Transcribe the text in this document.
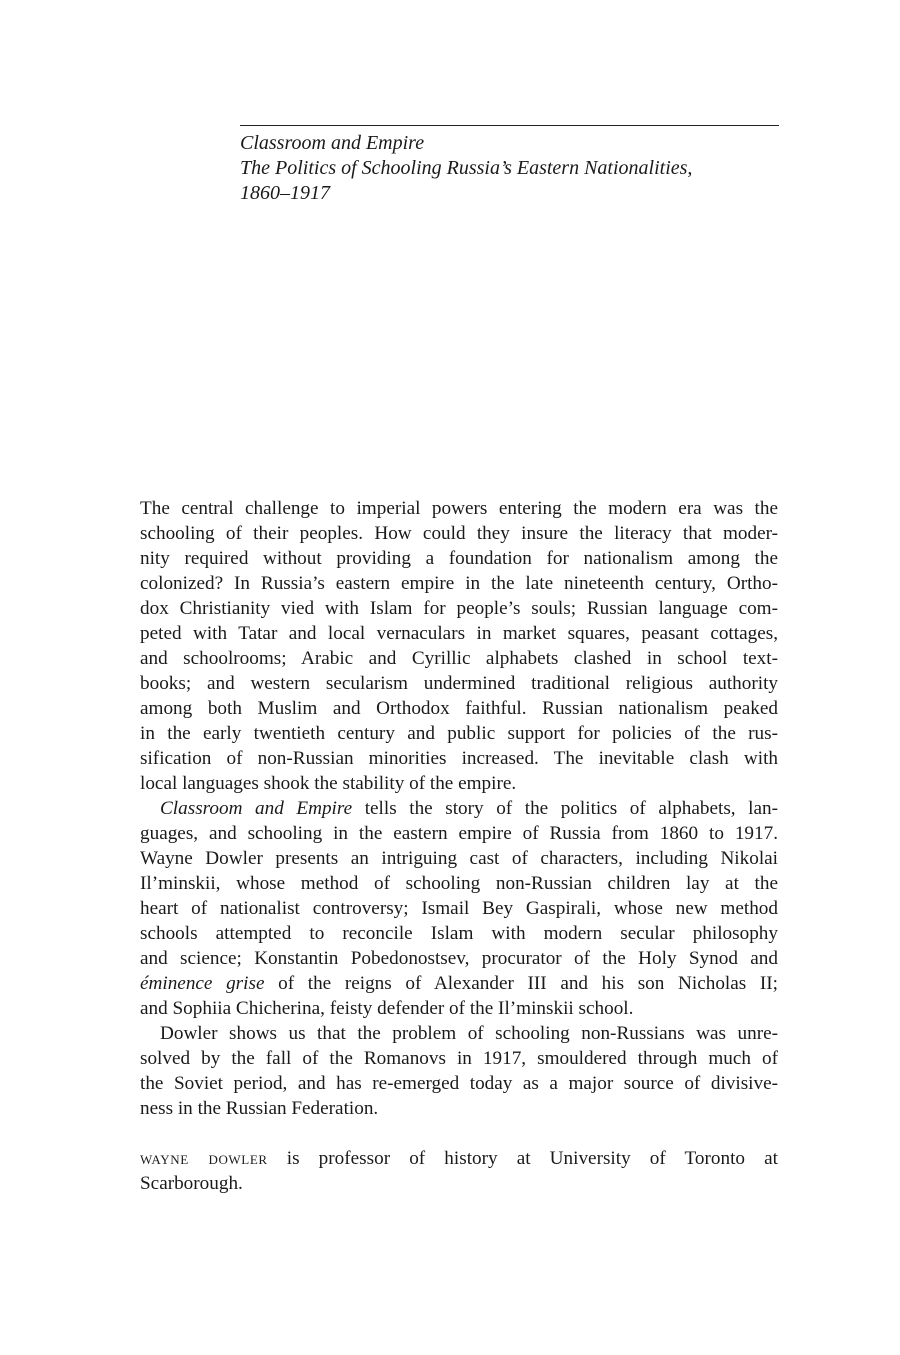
Classroom and Empire
The Politics of Schooling Russia’s Eastern Nationalities,
1860–1917
The central challenge to imperial powers entering the modern era was the
schooling of their peoples. How could they insure the literacy that moder-
nity required without providing a foundation for nationalism among the
colonized? In Russia’s eastern empire in the late nineteenth century, Ortho-
dox Christianity vied with Islam for people’s souls; Russian language com-
peted with Tatar and local vernaculars in market squares, peasant cottages,
and schoolrooms; Arabic and Cyrillic alphabets clashed in school text-
books; and western secularism undermined traditional religious authority
among both Muslim and Orthodox faithful. Russian nationalism peaked
in the early twentieth century and public support for policies of the rus-
sification of non-Russian minorities increased. The inevitable clash with
local languages shook the stability of the empire.
Classroom and Empire tells the story of the politics of alphabets, lan-
guages, and schooling in the eastern empire of Russia from 1860 to 1917.
Wayne Dowler presents an intriguing cast of characters, including Nikolai
Il’minskii, whose method of schooling non-Russian children lay at the
heart of nationalist controversy; Ismail Bey Gaspirali, whose new method
schools attempted to reconcile Islam with modern secular philosophy
and science; Konstantin Pobedonostsev, procurator of the Holy Synod and
éminence grise of the reigns of Alexander III and his son Nicholas II;
and Sophiia Chicherina, feisty defender of the Il’minskii school.
Dowler shows us that the problem of schooling non-Russians was unre-
solved by the fall of the Romanovs in 1917, smouldered through much of
the Soviet period, and has re-emerged today as a major source of divisive-
ness in the Russian Federation.
wayne dowler is professor of history at University of Toronto at
Scarborough.
